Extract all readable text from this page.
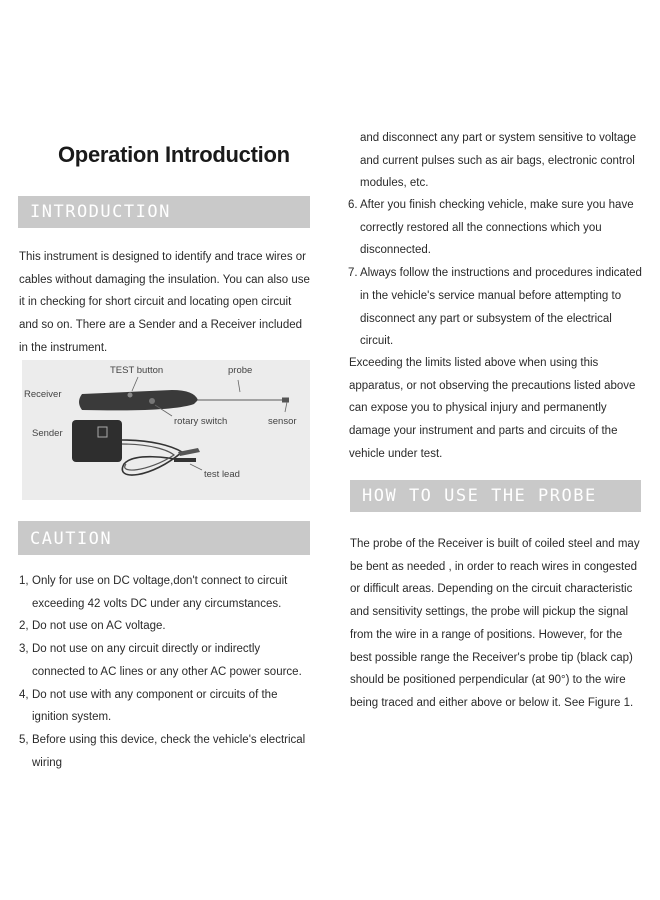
Operation Introduction
INTRODUCTION
This instrument is designed to identify and trace wires or cables without damaging the insulation. You can also use it in checking for short circuit and locating open circuit and so on. There are a Sender and a Receiver included in the instrument.
TEST button	probe
Receiver
rotary switch	sensor
Sender
test lead
CAUTION
1, Only for use on DC voltage,don't connect to circuit exceeding 42 volts DC under any circumstances.
2, Do not use on AC voltage.
3, Do not use on any circuit directly or indirectly connected to AC lines or any other AC power source.
4, Do not use with any component or circuits of the ignition system.
5, Before using this device, check the vehicle's electrical wiring
and disconnect any part or system sensitive to voltage and current pulses such as air bags, electronic control modules, etc.
6. After you finish checking vehicle, make sure you have correctly restored all the connections which you disconnected.
7. Always follow the instructions and procedures indicated in the vehicle's service manual before attempting to disconnect any part or subsystem of the electrical circuit.
Exceeding the limits listed above when using this apparatus, or not observing the precautions listed above can expose you to physical injury and permanently damage your instrument and parts and circuits of the vehicle under test.
HOW TO USE THE PROBE
The probe of the Receiver is built of coiled steel and may be bent as needed , in order to reach wires in congested or difficult areas. Depending on the circuit characteristic and sensitivity settings, the probe will pickup the signal from the wire in a range of positions. However, for the best possible range the Receiver's probe tip (black cap) should be positioned perpendicular (at 90°) to the wire being traced and either above or below it. See Figure 1.
